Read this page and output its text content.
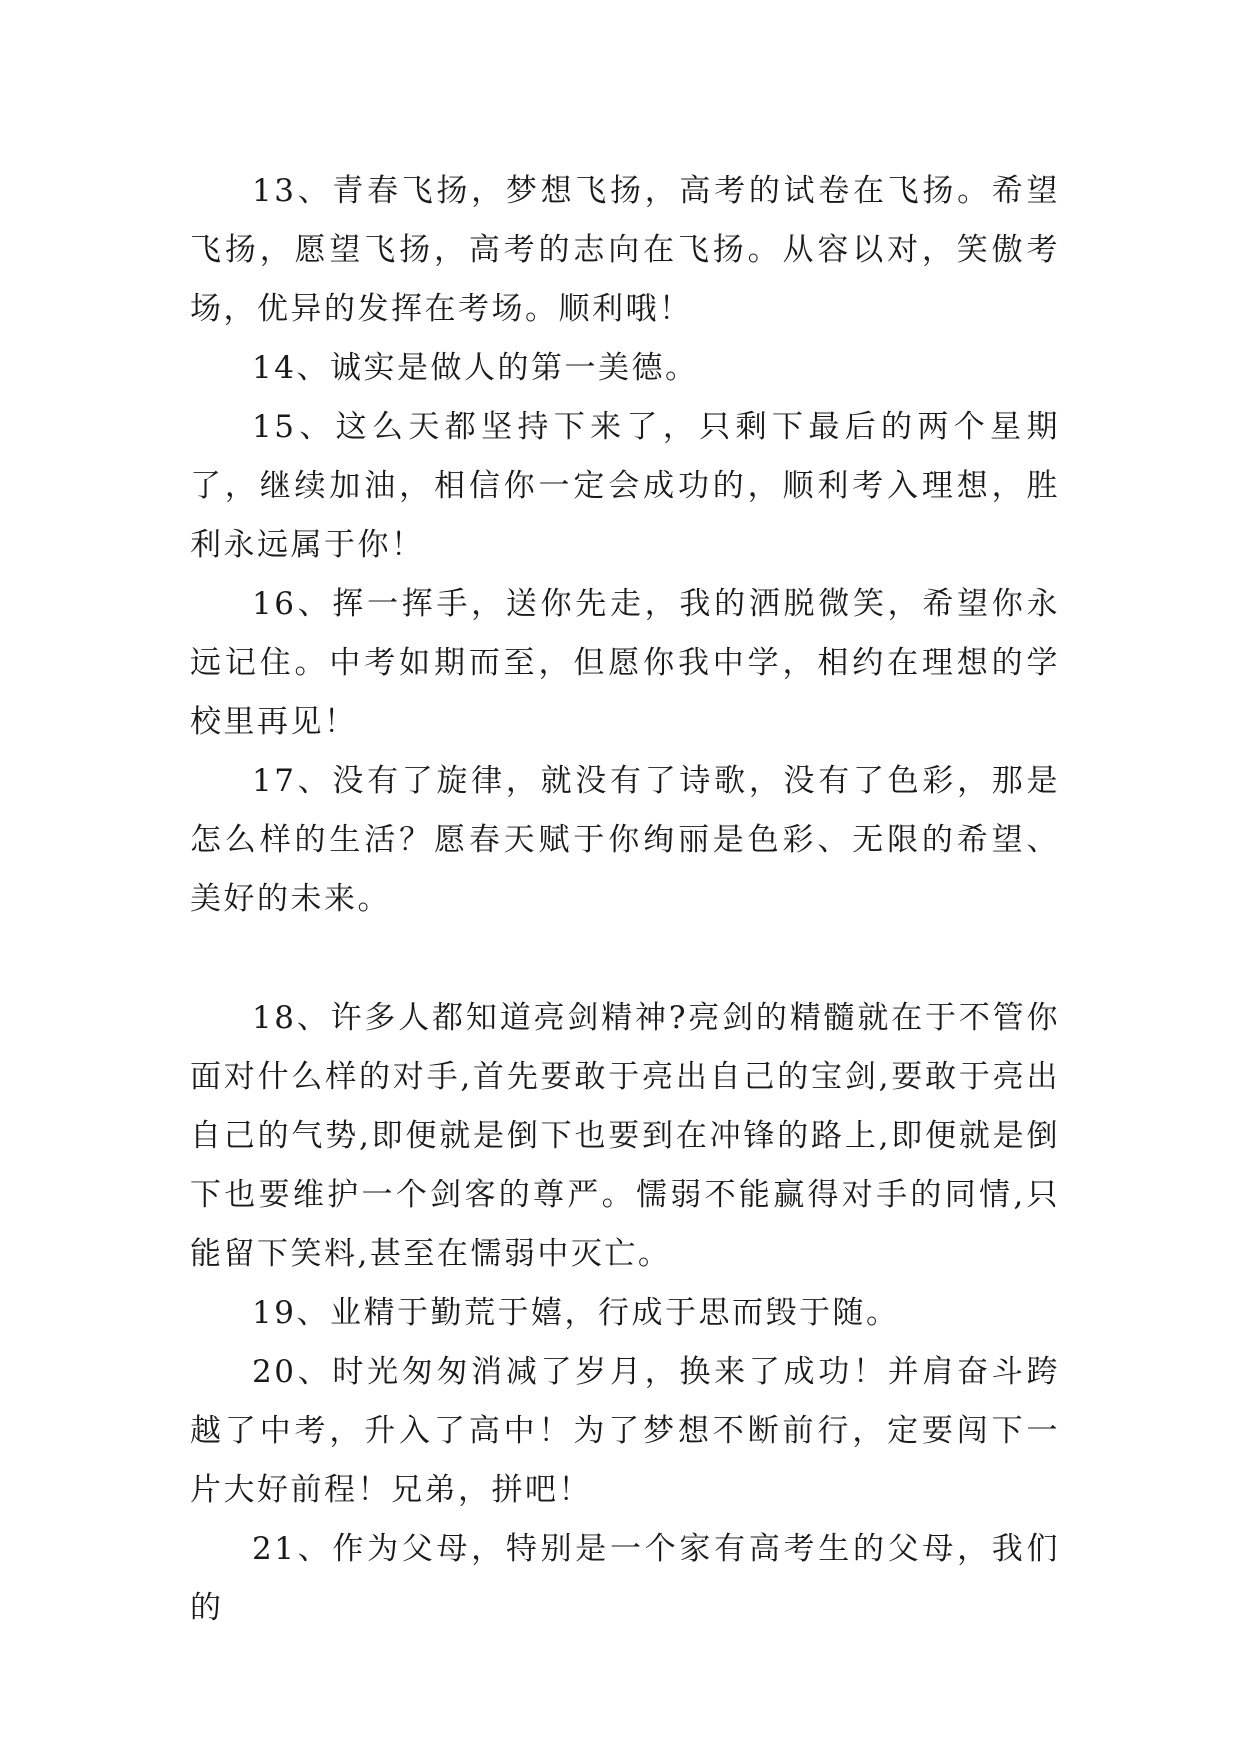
13、青春飞扬，梦想飞扬，高考的试卷在飞扬。希望飞扬，愿望飞扬，高考的志向在飞扬。从容以对，笑傲考场，优异的发挥在考场。顺利哦！

14、诚实是做人的第一美德。

15、这么天都坚持下来了，只剩下最后的两个星期了，继续加油，相信你一定会成功的，顺利考入理想，胜利永远属于你！

16、挥一挥手，送你先走，我的洒脱微笑，希望你永远记住。中考如期而至，但愿你我中学，相约在理想的学校里再见！

17、没有了旋律，就没有了诗歌，没有了色彩，那是怎么样的生活？愿春天赋于你绚丽是色彩、无限的希望、美好的未来。

18、许多人都知道亮剑精神?亮剑的精髓就在于不管你面对什么样的对手,首先要敢于亮出自己的宝剑,要敢于亮出自己的气势,即便就是倒下也要到在冲锋的路上,即便就是倒下也要维护一个剑客的尊严。懦弱不能赢得对手的同情,只能留下笑料,甚至在懦弱中灭亡。

19、业精于勤荒于嬉，行成于思而毁于随。

20、时光匆匆消减了岁月，换来了成功！并肩奋斗跨越了中考，升入了高中！为了梦想不断前行，定要闯下一片大好前程！兄弟，拼吧！

21、作为父母，特别是一个家有高考生的父母，我们的
